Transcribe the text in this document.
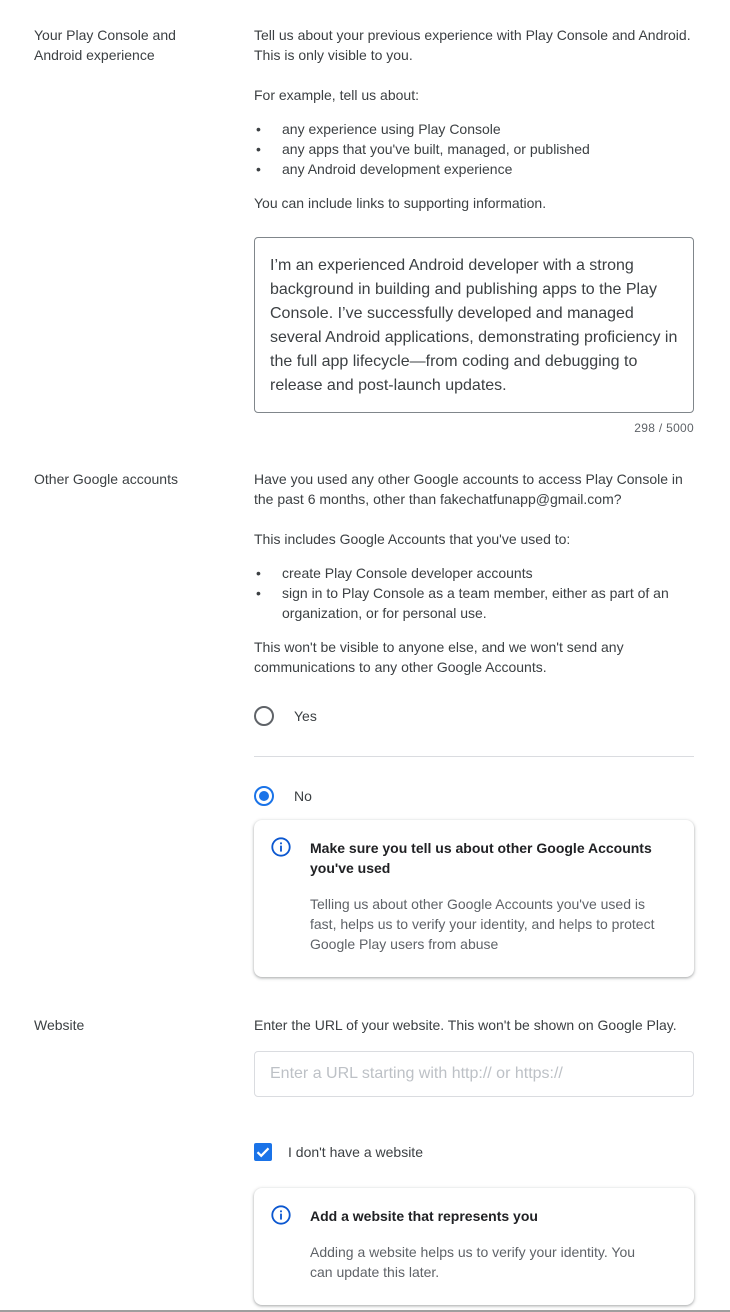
Your Play Console and Android experience

Tell us about your previous experience with Play Console and Android. This is only visible to you.

For example, tell us about:

• any experience using Play Console
• any apps that you've built, managed, or published
• any Android development experience

You can include links to supporting information.

I’m an experienced Android developer with a strong background in building and publishing apps to the Play Console. I’ve successfully developed and managed several Android applications, demonstrating proficiency in the full app lifecycle—from coding and debugging to release and post-launch updates.
298 / 5000
Other Google accounts	Have you used any other Google accounts to access Play Console in the past 6 months, other than fakechatfunapp@gmail.com?

This includes Google Accounts that you've used to:

• create Play Console developer accounts
• sign in to Play Console as a team member, either as part of an organization, or for personal use.

This won't be visible to anyone else, and we won't send any communications to any other Google Accounts.

Yes
No
Make sure you tell us about other Google Accounts you've used
Telling us about other Google Accounts you've used is fast, helps us to verify your identity, and helps to protect Google Play users from abuse
Website	Enter the URL of your website. This won't be shown on Google Play.
Enter a URL starting with http:// or https://
I don't have a website
Add a website that represents you
Adding a website helps us to verify your identity. You can update this later.
